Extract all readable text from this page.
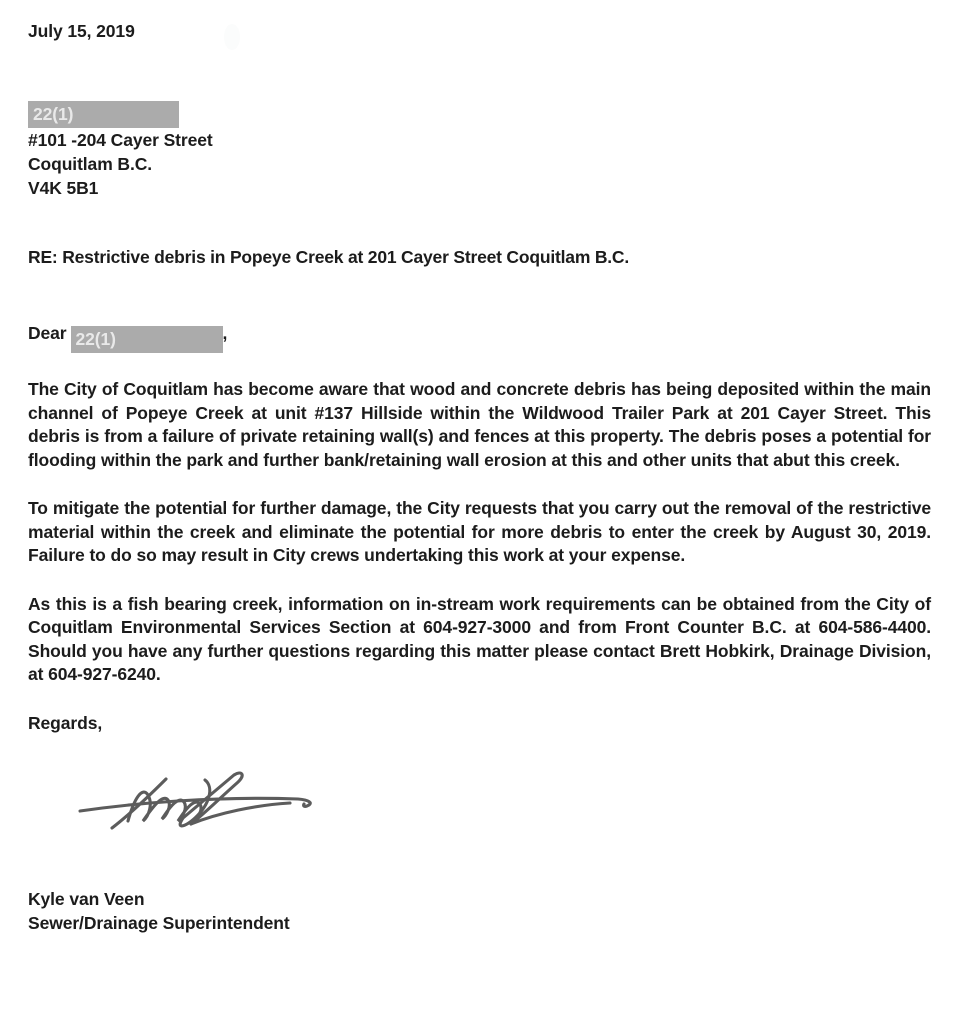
July 15, 2019
22(1)
#101 -204 Cayer Street
Coquitlam B.C.
V4K 5B1
RE: Restrictive debris in Popeye Creek at 201 Cayer Street Coquitlam B.C.
Dear 22(1)	,

The City of Coquitlam has become aware that wood and concrete debris has being deposited within the main channel of Popeye Creek at unit #137 Hillside within the Wildwood Trailer Park at 201 Cayer Street. This debris is from a failure of private retaining wall(s) and fences at this property. The debris poses a potential for flooding within the park and further bank/retaining wall erosion at this and other units that abut this creek.

To mitigate the potential for further damage, the City requests that you carry out the removal of the restrictive material within the creek and eliminate the potential for more debris to enter the creek by August 30, 2019. Failure to do so may result in City crews undertaking this work at your expense.

As this is a fish bearing creek, information on in-stream work requirements can be obtained from the City of Coquitlam Environmental Services Section at 604-927-3000 and from Front Counter B.C. at 604-586-4400. Should you have any further questions regarding this matter please contact Brett Hobkirk, Drainage Division, at 604-927-6240.

Regards,
Kyle van Veen
Sewer/Drainage Superintendent
